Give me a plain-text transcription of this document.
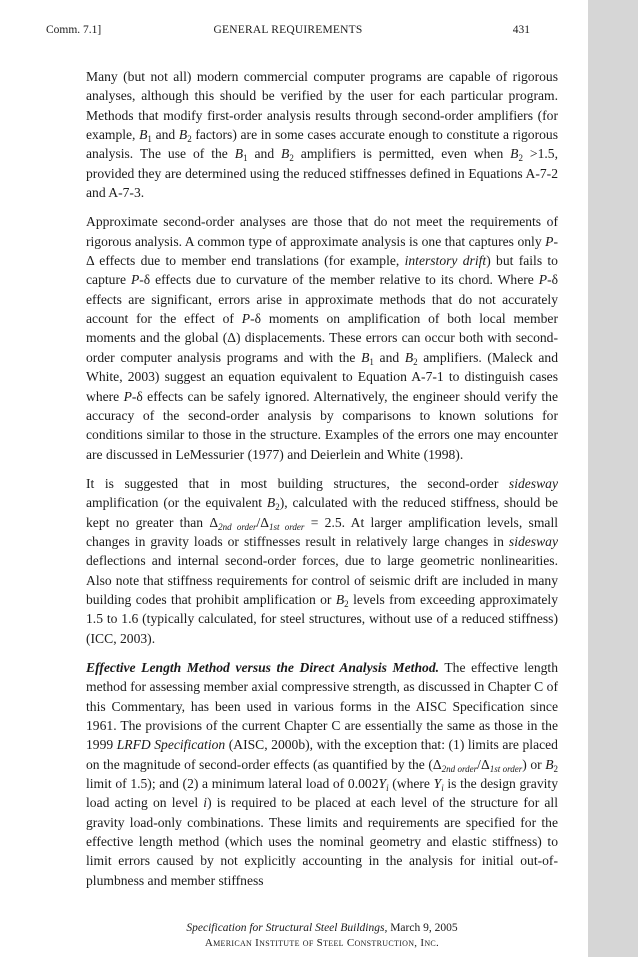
Comm. 7.1]	GENERAL REQUIREMENTS	431

Many (but not all) modern commercial computer programs are capable of rigorous analyses, although this should be verified by the user for each particular program. Methods that modify first-order analysis results through second-order amplifiers (for example, $B_1$ and $B_2$ factors) are in some cases accurate enough to constitute a rigorous analysis. The use of the $B_1$ and $B_2$ amplifiers is permitted, even when $B_2 >1.5$, provided they are determined using the reduced stiffnesses defined in Equations A-7-2 and A-7-3.

Approximate second-order analyses are those that do not meet the requirements of rigorous analysis. A common type of approximate analysis is one that captures only P-Δ effects due to member end translations (for example, interstory drift) but fails to capture P-δ effects due to curvature of the member relative to its chord. Where P-δ effects are significant, errors arise in approximate methods that do not accurately account for the effect of P-δ moments on amplification of both local member moments and the global (Δ) displacements. These errors can occur both with second-order computer analysis programs and with the $B_1$ and $B_2$ amplifiers. (Maleck and White, 2003) suggest an equation equivalent to Equation A-7-1 to distinguish cases where P-δ effects can be safely ignored. Alternatively, the engineer should verify the accuracy of the second-order analysis by comparisons to known solutions for conditions similar to those in the structure. Examples of the errors one may encounter are discussed in LeMessurier (1977) and Deierlein and White (1998).

It is suggested that in most building structures, the second-order sidesway amplification (or the equivalent $B_2$), calculated with the reduced stiffness, should be kept no greater than $\Delta_{2nd order}/\Delta_{1st order} = 2.5$. At larger amplification levels, small changes in gravity loads or stiffnesses result in relatively large changes in sidesway deflections and internal second-order forces, due to large geometric nonlinearities. Also note that stiffness requirements for control of seismic drift are included in many building codes that prohibit amplification or $B_2$ levels from exceeding approximately 1.5 to 1.6 (typically calculated, for steel structures, without use of a reduced stiffness) (ICC, 2003).

Effective Length Method versus the Direct Analysis Method. The effective length method for assessing member axial compressive strength, as discussed in Chapter C of this Commentary, has been used in various forms in the AISC Specification since 1961. The provisions of the current Chapter C are essentially the same as those in the 1999 LRFD Specification (AISC, 2000b), with the exception that: (1) limits are placed on the magnitude of second-order effects (as quantified by the $(\Delta_{2nd order}/\Delta_{1st order})$ or $B_2$ limit of 1.5); and (2) a minimum lateral load of $0.002Y_i$ (where $Y_i$ is the design gravity load acting on level i) is required to be placed at each level of the structure for all gravity load-only combinations. These limits and requirements are specified for the effective length method (which uses the nominal geometry and elastic stiffness) to limit errors caused by not explicitly accounting in the analysis for initial out-of-plumbness and member stiffness

Specification for Structural Steel Buildings, March 9, 2005
American Institute of Steel Construction, Inc.
